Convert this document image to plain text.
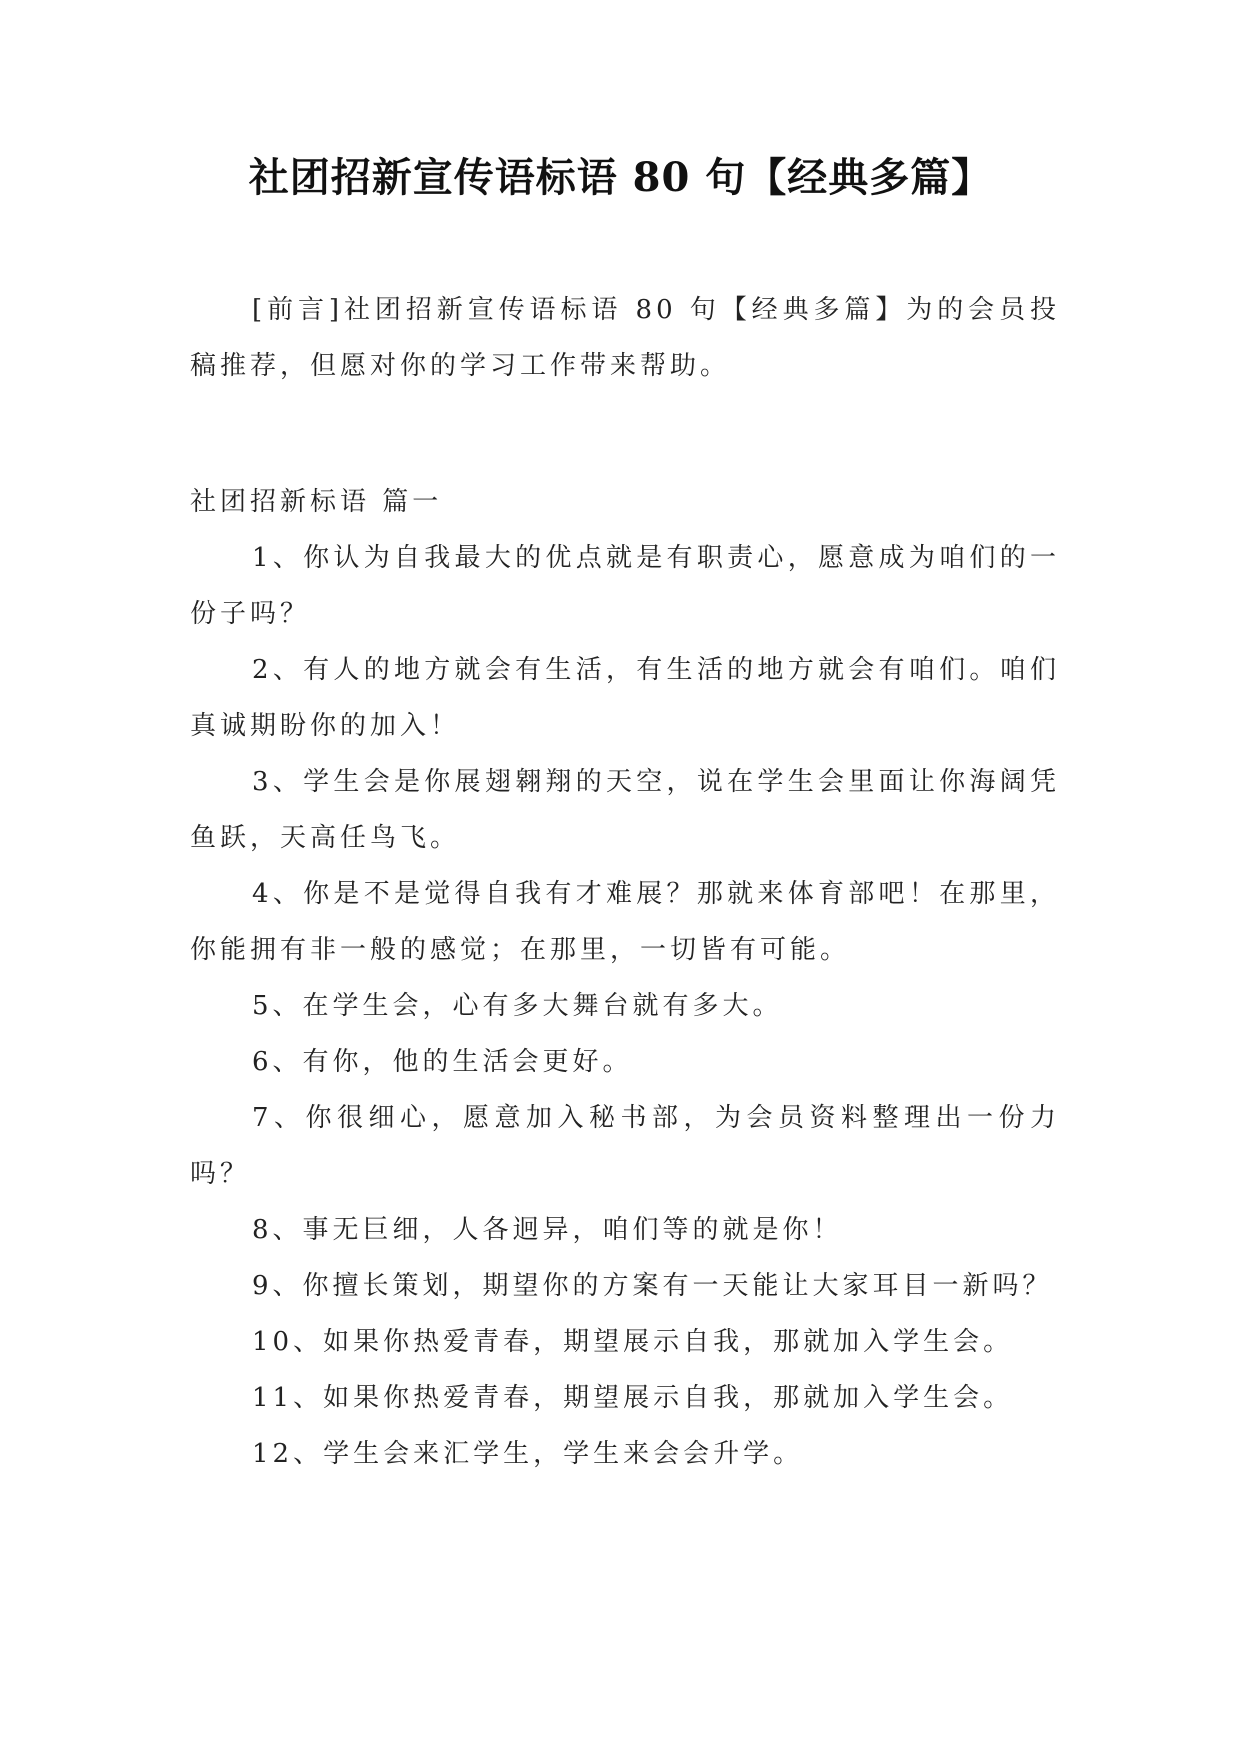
社团招新宣传语标语 80 句【经典多篇】

[前言]社团招新宣传语标语 80 句【经典多篇】为的会员投稿推荐，但愿对你的学习工作带来帮助。

社团招新标语 篇一

1、你认为自我最大的优点就是有职责心，愿意成为咱们的一份子吗？

2、有人的地方就会有生活，有生活的地方就会有咱们。咱们真诚期盼你的加入！

3、学生会是你展翅翱翔的天空，说在学生会里面让你海阔凭鱼跃，天高任鸟飞。

4、你是不是觉得自我有才难展？那就来体育部吧！在那里，你能拥有非一般的感觉；在那里，一切皆有可能。

5、在学生会，心有多大舞台就有多大。

6、有你，他的生活会更好。

7、你很细心，愿意加入秘书部，为会员资料整理出一份力吗？

8、事无巨细，人各迥异，咱们等的就是你！

9、你擅长策划，期望你的方案有一天能让大家耳目一新吗？

10、如果你热爱青春，期望展示自我，那就加入学生会。

11、如果你热爱青春，期望展示自我，那就加入学生会。

12、学生会来汇学生，学生来会会升学。
